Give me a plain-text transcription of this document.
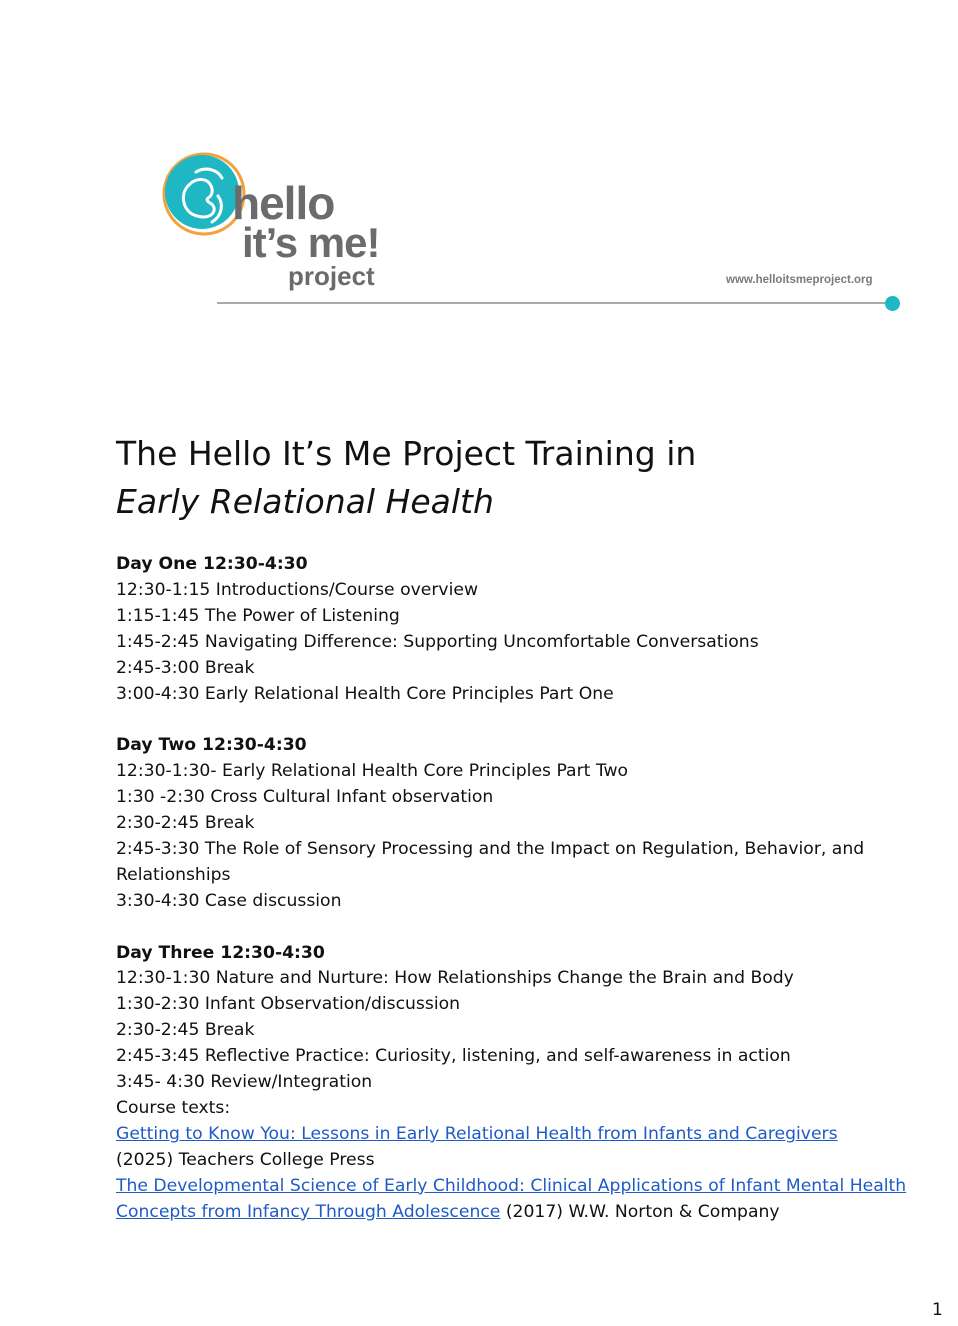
hello
it’s me!
project	www.helloitsmeproject.org
The Hello It’s Me Project Training in
Early Relational Health
Day One 12:30-4:30
12:30-1:15 Introductions/Course overview
1:15-1:45 The Power of Listening
1:45-2:45 Navigating Difference: Supporting Uncomfortable Conversations
2:45-3:00 Break
3:00-4:30 Early Relational Health Core Principles Part One
Day Two 12:30-4:30
12:30-1:30- Early Relational Health Core Principles Part Two
1:30 -2:30 Cross Cultural Infant observation
2:30-2:45 Break
2:45-3:30 The Role of Sensory Processing and the Impact on Regulation, Behavior, and
Relationships
3:30-4:30 Case discussion
Day Three 12:30-4:30
12:30-1:30 Nature and Nurture: How Relationships Change the Brain and Body
1:30-2:30 Infant Observation/discussion
2:30-2:45 Break
2:45-3:45 Reflective Practice: Curiosity, listening, and self-awareness in action
3:45- 4:30 Review/Integration
Course texts:
Getting to Know You: Lessons in Early Relational Health from Infants and Caregivers
(2025) Teachers College Press
The Developmental Science of Early Childhood: Clinical Applications of Infant Mental Health
Concepts from Infancy Through Adolescence (2017) W.W. Norton & Company
1
